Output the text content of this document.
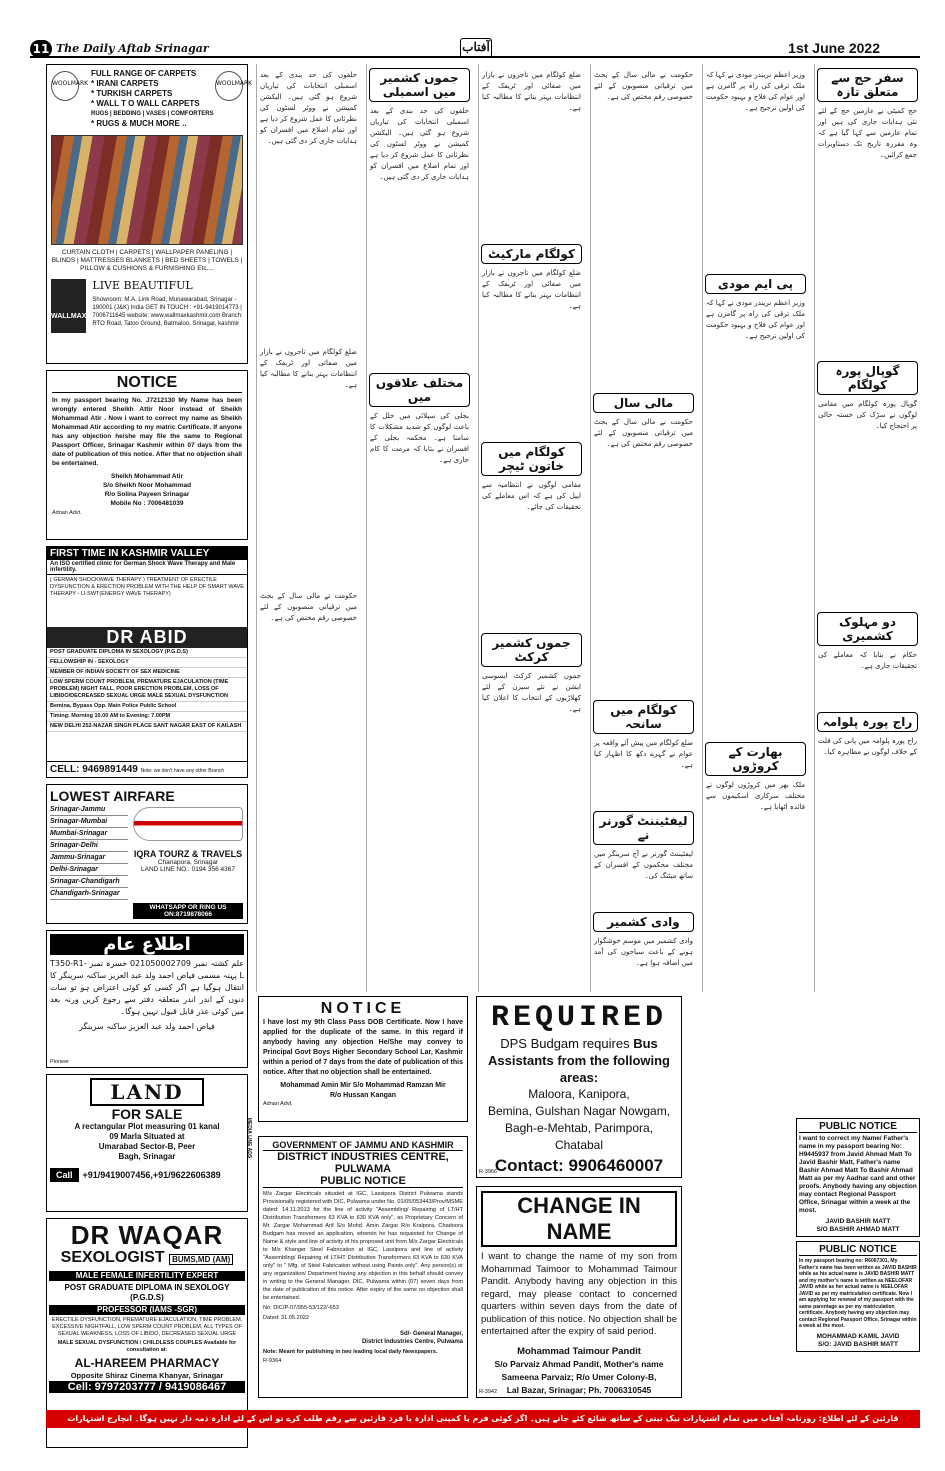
11 The Daily Aftab Srinagar	آفتاب	1st June 2022
WOOLMARK	WOOLMARK
FULL RANGE OF CARPETS
* IRANI CARPETS
* TURKISH CARPETS
* WALL T O WALL CARPETS
RUGS | BEDDING | VASES | COMFORTERS
* RUGS & MUCH MORE ..
CURTAIN CLOTH | CARPETS | WALLPAPER PANELING | BLINDS | MATTRESSES BLANKETS | BED SHEETS | TOWELS | PILLOW & CUSHIONS & FURNISHING Etc....
WALLMAX
LIVE BEAUTIFUL
Showroom: M.A. Link Road, Munawarabad, Srinagar - 190001 (J&K) India GET IN TOUCH : +91-9419014773 | 7006711645 website: www.wallmaxkashmir.com Branch: RTO Road, Tatoo Ground, Batmaloo, Srinagar, kashmir
NOTICE

In my passport bearing No. J7212130 My Name has been wrongly entered Sheikh Attir Noor instead of Sheikh Mohammad Atir . Now i want to correct my name as Sheikh Mohammad Atir according to my matric Certificate. If anyone has any objection he/she may file the same to Regional Passport Officer, Srinagar Kashmir within 07 days from the date of publication of this notice. After that no objection shall be entertained.

Sheikh Mohammad Atir
S/o Sheikh Noor Mohammad
R/o Solina Payeen Srinagar
Mobile No : 7006481039
Adnan Advt.
FIRST TIME IN KASHMIR VALLEY
An ISO certified clinic for German Shock Wave Therapy and Male infertility.
( GERMAN SHOCKWAVE THERAPY ) TREATMENT OF ERECTILE DYSFUNCTION & ERECTION PROBLEM WITH THE HELP OF SMART WAVE THERAPY - LI-SWT(ENERGY WAVE THERAPY)
DR ABID
POST GRADUATE DIPLOMA IN SEXOLOGY (P.G.D.S)
FELLOWSHIP IN - SEXOLOGY
MEMBER OF INDIAN SOCIETY OF SEX MEDICINE
LOW SPERM COUNT PROBLEM, PREMATURE EJACULATION (TIME PROBLEM) NIGHT FALL, POOR ERECTION PROBLEM, LOSS OF LIBIDO/DECREASED SEXUAL URGE MALE SEXUAL DYSFUNCTION
Bemina, Bypass Opp. Main Police Public School
Timing: Morning 10.00 AM to Evening: 7.00PM
NEW DELHI 252-NAZAR SINGH PLACE SANT NAGAR EAST OF KAILASH
CELL: 9469891449 Note: we don't have any other Branch
LOWEST AIRFARE
Srinagar-Jammu
Srinagar-Mumbai
Mumbai-Srinagar
Srinagar-Delhi
Jammu-Srinagar
Delhi-Srinagar
Srinagar-Chandigarh
Chandigarh-Srinagar
IQRA TOURZ & TRAVELS
Chanapora, Srinagar
LAND LINE NO.: 0194 356 4367
WHATSAPP OR RING US ON:8719878066
اطلاع عام

علم کشتہ نمبر 021050002709 خسرہ نمبر T350-R1-L پہنہ مسمی فیاض احمد ولد عبد العزیز ساکنہ سرینگر کا انتقال ہوگیا ہے اگر کسی کو کوئی اعتراض ہو تو سات دنوں کے اندر اندر متعلقہ دفتر سے رجوع کریں ورنہ بعد میں کوئی عذر قابل قبول نہیں ہوگا۔

فیاض احمد ولد عبد العزیز ساکنہ سرینگر

Pioneer
LAND
FOR SALE

A rectangular Plot measuring 01 kanal

09 Marla Situated at

Umarabad Sector-B, Peer

Bagh, Srinagar

Call	+91/9419007456,+91/9622606389
MEDIA LINE ADS
DR WAQAR
SEXOLOGIST BUMS,MD (AM)
MALE FEMALE INFERTILITY EXPERT
POST GRADUATE DIPLOMA IN SEXOLOGY (P.G.D.S)
PROFESSOR (IAMS -SGR)
ERECTILE DYSFUNCTION, PREMATURE EJACULATION, TIME PROBLEM, EXCESSIVE NIGHTFALL, LOW SPERM COUNT PROBLEM, ALL TYPES OF SEXUAL WEAKNESS, LOSS OF LIBIDO, DECREASED SEXUAL URGE
MALE SEXUAL DYSFUNCTION / CHILDLESS COUPLES Available for consultation at:
AL-HAREEM PHARMACY
Opposite Shiraz Cinema Khanyar, Srinagar
Cell: 9797203777 / 9419086467
سفر حج سے متعلق تازہ
حج کمیٹی نے عازمین حج کے لئے نئی ہدایات جاری کی ہیں اور تمام عازمین سے کہا گیا ہے کہ وہ مقررہ تاریخ تک دستاویزات جمع کرائیں۔
گوپال پورہ کولگام
گوپال پورہ کولگام میں مقامی لوگوں نے سڑک کی خستہ حالی پر احتجاج کیا۔
دو مہلوک کشمیری
حکام نے بتایا کہ معاملے کی تحقیقات جاری ہے۔
راج پورہ پلوامہ
راج پورہ پلوامہ میں پانی کی قلت کے خلاف لوگوں نے مظاہرہ کیا۔
وزیر اعظم نریندر مودی نے کہا کہ ملک ترقی کی راہ پر گامزن ہے اور عوام کی فلاح و بہبود حکومت کی اولین ترجیح ہے۔
پی ایم مودی
وزیر اعظم نریندر مودی نے کہا کہ ملک ترقی کی راہ پر گامزن ہے اور عوام کی فلاح و بہبود حکومت کی اولین ترجیح ہے۔
بھارت کے کروڑوں
ملک بھر میں کروڑوں لوگوں نے مختلف سرکاری اسکیموں سے فائدہ اٹھایا ہے۔
حکومت نے مالی سال کے بجٹ میں ترقیاتی منصوبوں کے لئے خصوصی رقم مختص کی ہے۔
مالی سال
حکومت نے مالی سال کے بجٹ میں ترقیاتی منصوبوں کے لئے خصوصی رقم مختص کی ہے۔
کولگام میں سانحہ
ضلع کولگام میں پیش آئے واقعہ پر عوام نے گہرے دکھ کا اظہار کیا ہے۔
لیفٹیننٹ گورنر نے
لیفٹیننٹ گورنر نے آج سرینگر میں مختلف محکموں کے افسران کے ساتھ میٹنگ کی۔
وادی کشمیر
وادی کشمیر میں موسم خوشگوار ہونے کے باعث سیاحوں کی آمد میں اضافہ ہوا ہے۔
ضلع کولگام میں تاجروں نے بازار میں صفائی اور ٹریفک کے انتظامات بہتر بنانے کا مطالبہ کیا ہے۔
کولگام مارکیٹ
ضلع کولگام میں تاجروں نے بازار میں صفائی اور ٹریفک کے انتظامات بہتر بنانے کا مطالبہ کیا ہے۔
کولگام میں خاتون ٹیچر
مقامی لوگوں نے انتظامیہ سے اپیل کی ہے کہ اس معاملے کی تحقیقات کی جائے۔
جموں کشمیر کرکٹ
جموں کشمیر کرکٹ ایسوسی ایشن نے نئے سیزن کے لئے کھلاڑیوں کے انتخاب کا اعلان کیا ہے۔
جموں کشمیر میں اسمبلی
حلقوں کی حد بندی کے بعد اسمبلی انتخابات کی تیاریاں شروع ہو گئی ہیں۔ الیکشن کمیشن نے ووٹر لسٹوں کی نظرثانی کا عمل شروع کر دیا ہے اور تمام اضلاع میں افسران کو ہدایات جاری کر دی گئی ہیں۔
مختلف علاقوں میں
بجلی کی سپلائی میں خلل کے باعث لوگوں کو شدید مشکلات کا سامنا ہے۔ محکمہ بجلی کے افسران نے بتایا کہ مرمت کا کام جاری ہے۔
حلقوں کی حد بندی کے بعد اسمبلی انتخابات کی تیاریاں شروع ہو گئی ہیں۔ الیکشن کمیشن نے ووٹر لسٹوں کی نظرثانی کا عمل شروع کر دیا ہے اور تمام اضلاع میں افسران کو ہدایات جاری کر دی گئی ہیں۔
ضلع کولگام میں تاجروں نے بازار میں صفائی اور ٹریفک کے انتظامات بہتر بنانے کا مطالبہ کیا ہے۔
حکومت نے مالی سال کے بجٹ میں ترقیاتی منصوبوں کے لئے خصوصی رقم مختص کی ہے۔
NOTICE

I have lost my 9th Class Pass DOB Certificate. Now I have applied for the duplicate of the same. In this regard if anybody having any objection He/She may convey to Principal Govt Boys Higher Secondary School Lar, Kashmir within a period of 7 days from the date of publication of this notice. After that no objection shall be entertained.

Mohammad Amin Mir S/o Mohammad Ramzan Mir
R/o Hussan Kangan
Adnan Advt.
GOVERNMENT OF JAMMU AND KASHMIR
DISTRICT INDUSTRIES CENTRE, PULWAMA
PUBLIC NOTICE

M/s Zargar Electricals situated at IGC, Lassipora District Pulwama stands Provisionally registered with DIC, Pulwama under No. 01/05/053443/Prov/MSME dated: 14.11.2013 for the line of activity "Assembling/ Repairing of LT/HT Distribution Transformers 63 KVA to 630 KVA only", as Proprietary Concern of Mr. Zargar Mohammad Arif S/o Mohd. Amin Zargar R/o Kralpora, Chadoora Budgam has moved an application, wherein he has requested for Change of Name & style and line of activity of his proposed unit from M/s Zargar Electricals to M/s Khanger Steel Fabrication at IGC, Lassipora and line of activity "Assembling/ Repairing of LT/HT Distribution Transformers 63 KVA to 630 KVA only" to " Mfg. of Steel Fabrication without using Paints only". Any person(s) or any organization/ Department having any objection in this behalf should convey in writing to the General Manager, DIC, Pulwama within (07) seven days from the date of publication of this notice. After expiry of the same no objection shall be entertained.

No: DIC/P-07/955-53/122/-653

Dated: 31.05.2022

Sd/- General Manager,
District Industries Centre, Pulwama
Note: Meant for publishing in two leading local daily Newspapers.
R-9364
REQUIRED
DPS Budgam requires Bus
Assistants from the following areas:
Maloora, Kanipora,
Bemina, Gulshan Nagar Nowgam,
Bagh-e-Mehtab, Parimpora, Chatabal
Contact: 9906460007
R-3966
CHANGE IN NAME

I want to change the name of my son from Mohammad Taimoor to Mohammad Taimour Pandit. Anybody having any objection in this regard, may please contact to concerned quarters within seven days from the date of publication of this notice. No objection shall be entertained after the expiry of said period.

Mohammad Taimour Pandit
S/o Parvaiz Ahmad Pandit, Mother's name
Sameena Parvaiz; R/o Umer Colony-B,
Lal Bazar, Srinagar; Ph. 7006310545
R-3942
PUBLIC NOTICE

I want to correct my Name/ Father's name in my passport bearing No: H9445937 from Javid Ahmad Matt To Javid Bashir Matt, Father's name Bashir Ahmad Matt To Bashir Ahmad Matt as per my Aadhar card and other proofs. Anybody having any objection may contact Regional Passport Office, Srinagar within a week at the most.

JAVID BASHIR MATT
S/O BASHIR AHMAD MATT
PUBLIC NOTICE

In my passport bearing no: R6067301, My Father's name has been written as JAVID BASHIR while as his actual name is JAVID BASHIR MATT and my mother's name is written as NEELOFAR JAVID while as her actual name is NEELOFAR JAVID as per my matriculation certificate. Now I am applying for renewal of my passport with the same parentage as per my matriculation certificate. Anybody having any objection may contact Regional Passport Office, Srinagar within a week at the most.

MOHAMMAD KAMIL JAVID
S/O: JAVID BASHIR MATT
قارئین کے لئے اطلاع: روزنامہ آفتاب میں تمام اشتہارات نیک نیتی کے ساتھ شائع کئے جاتے ہیں۔ اگر کوئی فرم یا کمپنی ادارہ یا فرد قارئین سے رقم طلب کرے تو اس کے لئے ادارہ ذمہ دار نہیں ہوگا۔ انچارج اشتہارات
